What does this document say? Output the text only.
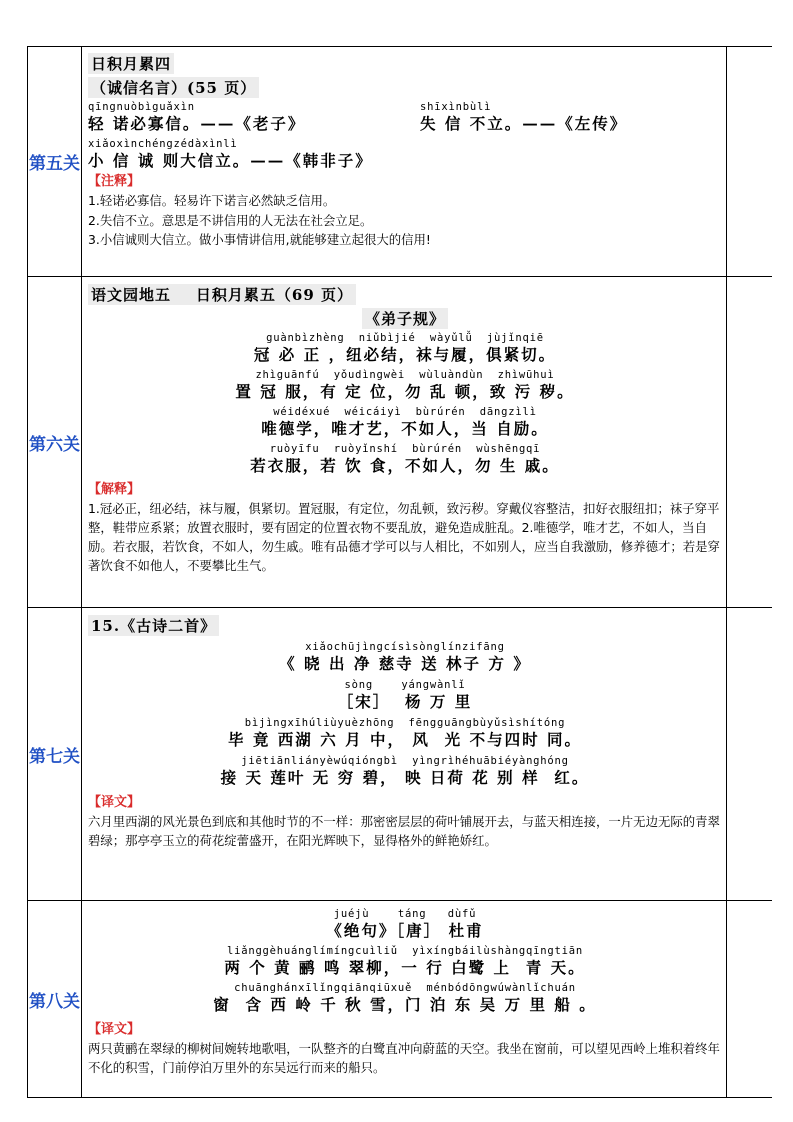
第五关
日积月累四
（诚信名言）(55 页）
qīngnuòbìguǎxìn
轻 诺必寡信。——《老子》
shīxìnbùlì
失 信 不立。——《左传》
xiǎoxìnchéngzédàxìnlì
小 信 诚 则大信立。——《韩非子》
【注释】
1.轻诺必寡信。轻易许下诺言必然缺乏信用。
2.失信不立。意思是不讲信用的人无法在社会立足。
3.小信诚则大信立。做小事情讲信用,就能够建立起很大的信用!
第六关
语文园地五    日积月累五（69 页）
《弟子规》
guànbìzhèng  niǔbìjié  wàyǔlǚ  jùjǐnqiē
冠 必 正 ，纽必结，袜与履，俱紧切。
zhìguānfú  yǒudìngwèi  wùluàndùn  zhìwūhuì
置 冠 服，有 定 位，勿 乱 顿，致 污 秽。
wéidéxué  wéicáiyì  bùrúrén  dāngzìlì
唯德学，唯才艺，不如人，当 自励。
ruòyīfu  ruòyǐnshí  bùrúrén  wùshēngqī
若衣服，若 饮 食，不如人，勿 生 戚。
【解释】
1.冠必正，纽必结，袜与履，俱紧切。置冠服，有定位，勿乱顿，致污秽。穿戴仪容整洁，扣好衣服纽扣；袜子穿平整，鞋带应系紧；放置衣服时，要有固定的位置衣物不要乱放，避免造成脏乱。2.唯德学，唯才艺，不如人，当自励。若衣服，若饮食，不如人，勿生戚。唯有品德才学可以与人相比，不如别人，应当自我激励，修养德才；若是穿著饮食不如他人，不要攀比生气。
第七关
15.《古诗二首》
xiǎochūjìngcísìsònglínzifāng
《 晓 出 净 慈寺 送 林子 方 》
sòng    yángwànlǐ
［宋］  杨 万 里
bìjìngxīhúliùyuèzhōng  fēngguāngbùyǔsìshítóng
毕 竟 西湖 六 月 中， 风  光 不与四时 同。
jiētiānliányèwúqióngbì  yìngrìhéhuābiéyànghóng
接 天 莲叶 无 穷 碧， 映 日荷 花 别 样  红。
【译文】
六月里西湖的风光景色到底和其他时节的不一样：那密密层层的荷叶铺展开去，与蓝天相连接，一片无边无际的青翠碧绿；那亭亭玉立的荷花绽蕾盛开，在阳光辉映下，显得格外的鲜艳娇红。
第八关
juéjù    táng   dùfǔ
《绝句》［唐］ 杜甫
liǎnggèhuánglímíngcuìliǔ  yìxíngbáilùshàngqīngtiān
两 个 黄 鹂 鸣 翠柳，一 行 白鹭 上  青 天。
chuānghánxīlǐngqiānqiūxuě  ménbódōngwúwànlǐchuán
窗  含 西 岭 千 秋 雪，门 泊 东 吴 万 里 船 。
【译文】
两只黄鹂在翠绿的柳树间婉转地歌唱，一队整齐的白鹭直冲向蔚蓝的天空。我坐在窗前，可以望见西岭上堆积着终年不化的积雪，门前停泊万里外的东吴远行而来的船只。
